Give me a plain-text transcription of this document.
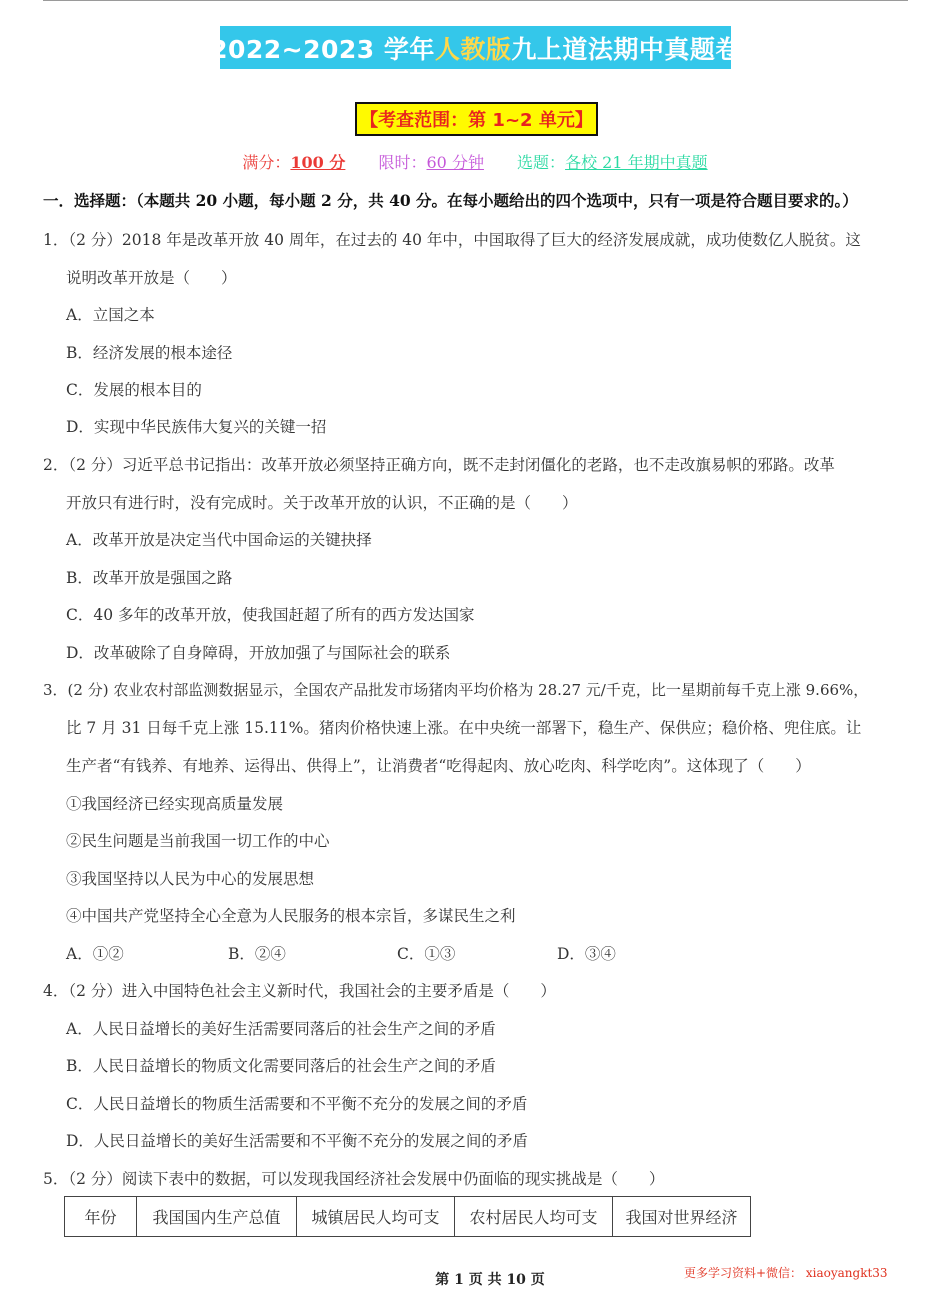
2022~2023 学年 人教版 九上道法期中真题卷
【考查范围：第 1~2 单元】
满分：100 分 限时：60 分钟 选题：各校 21 年期中真题
一．选择题：（本题共 20 小题，每小题 2 分，共 40 分。在每小题给出的四个选项中，只有一项是符合题目要求的。）
1．（2 分）2018 年是改革开放 40 周年，在过去的 40 年中，中国取得了巨大的经济发展成就，成功使数亿人脱贫。这
说明改革开放是（　　）
A．立国之本
B．经济发展的根本途径
C．发展的根本目的
D．实现中华民族伟大复兴的关键一招
2．（2 分）习近平总书记指出：改革开放必须坚持正确方向，既不走封闭僵化的老路，也不走改旗易帜的邪路。改革
开放只有进行时，没有完成时。关于改革开放的认识，不正确的是（　　）
A．改革开放是决定当代中国命运的关键抉择
B．改革开放是强国之路
C．40 多年的改革开放，使我国赶超了所有的西方发达国家
D．改革破除了自身障碍，开放加强了与国际社会的联系
3．(2 分) 农业农村部监测数据显示，全国农产品批发市场猪肉平均价格为 28.27 元/千克，比一星期前每千克上涨 9.66%，
比 7 月 31 日每千克上涨 15.11%。猪肉价格快速上涨。在中央统一部署下，稳生产、保供应；稳价格、兜住底。让
生产者“有钱养、有地养、运得出、供得上”，让消费者“吃得起肉、放心吃肉、科学吃肉”。这体现了（　　）
①我国经济已经实现高质量发展
②民生问题是当前我国一切工作的中心
③我国坚持以人民为中心的发展思想
④中国共产党坚持全心全意为人民服务的根本宗旨，多谋民生之利
A．①②	B．②④	C．①③	D．③④
4．（2 分）进入中国特色社会主义新时代，我国社会的主要矛盾是（　　）
A．人民日益增长的美好生活需要同落后的社会生产之间的矛盾
B．人民日益增长的物质文化需要同落后的社会生产之间的矛盾
C．人民日益增长的物质生活需要和不平衡不充分的发展之间的矛盾
D．人民日益增长的美好生活需要和不平衡不充分的发展之间的矛盾
5．（2 分）阅读下表中的数据，可以发现我国经济社会发展中仍面临的现实挑战是（　　）
年份	我国国内生产总值	城镇居民人均可支	农村居民人均可支	我国对世界经济
第 1 页 共 10 页	更多学习资料+微信： xiaoyangkt33
